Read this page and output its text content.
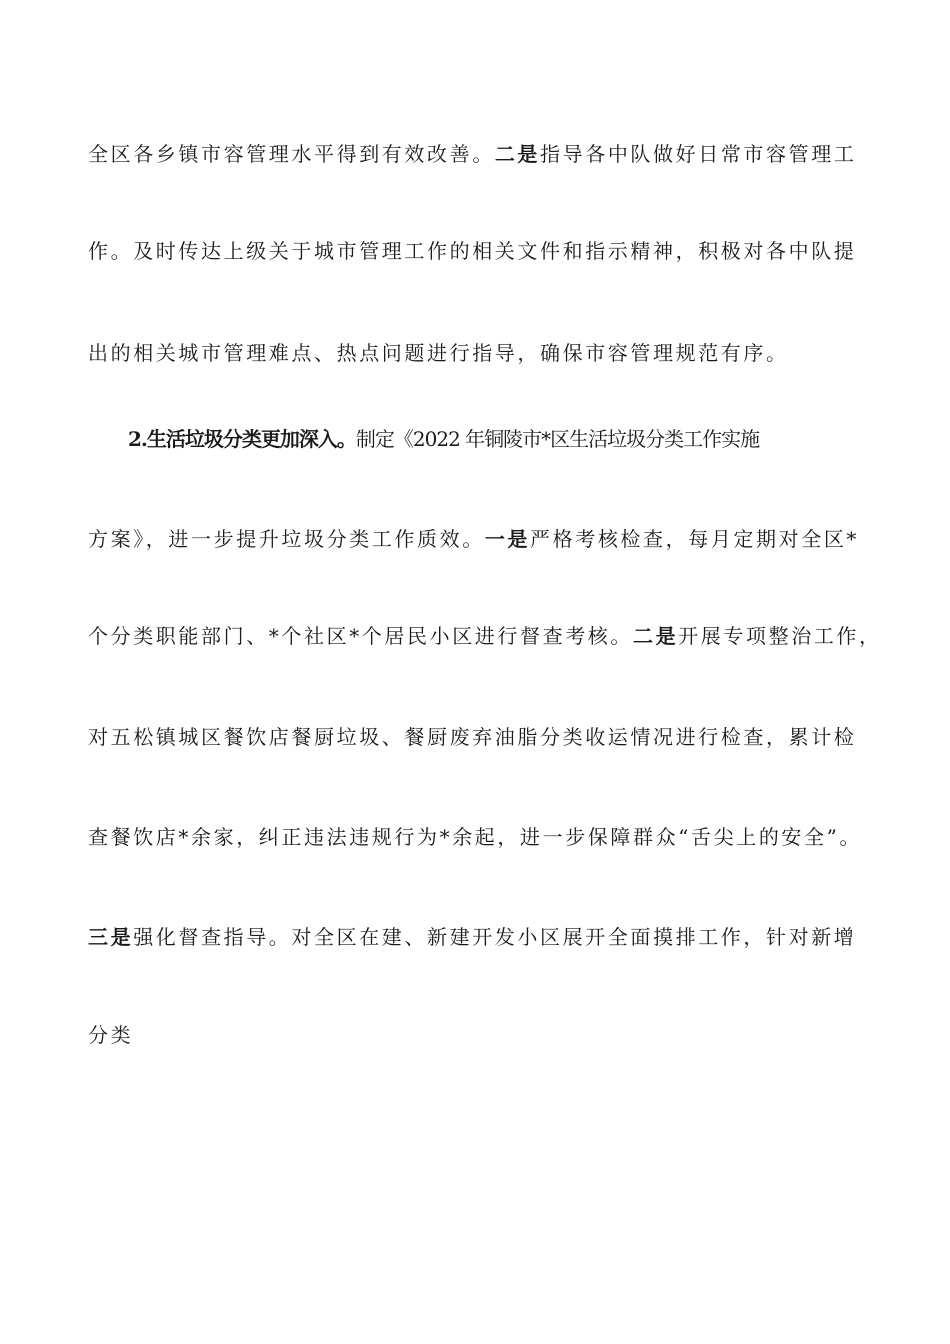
全区各乡镇市容管理水平得到有效改善。二是指导各中队做好日常市容管理工

作。及时传达上级关于城市管理工作的相关文件和指示精神，积极对各中队提

出的相关城市管理难点、热点问题进行指导，确保市容管理规范有序。

2.生活垃圾分类更加深入。制定《2022 年铜陵市*区生活垃圾分类工作实施

方案》，进一步提升垃圾分类工作质效。一是严格考核检查，每月定期对全区*

个分类职能部门、*个社区*个居民小区进行督查考核。二是开展专项整治工作，

对五松镇城区餐饮店餐厨垃圾、餐厨废弃油脂分类收运情况进行检查，累计检

查餐饮店*余家，纠正违法违规行为*余起，进一步保障群众“舌尖上的安全”。

三是强化督查指导。对全区在建、新建开发小区展开全面摸排工作，针对新增

分类
